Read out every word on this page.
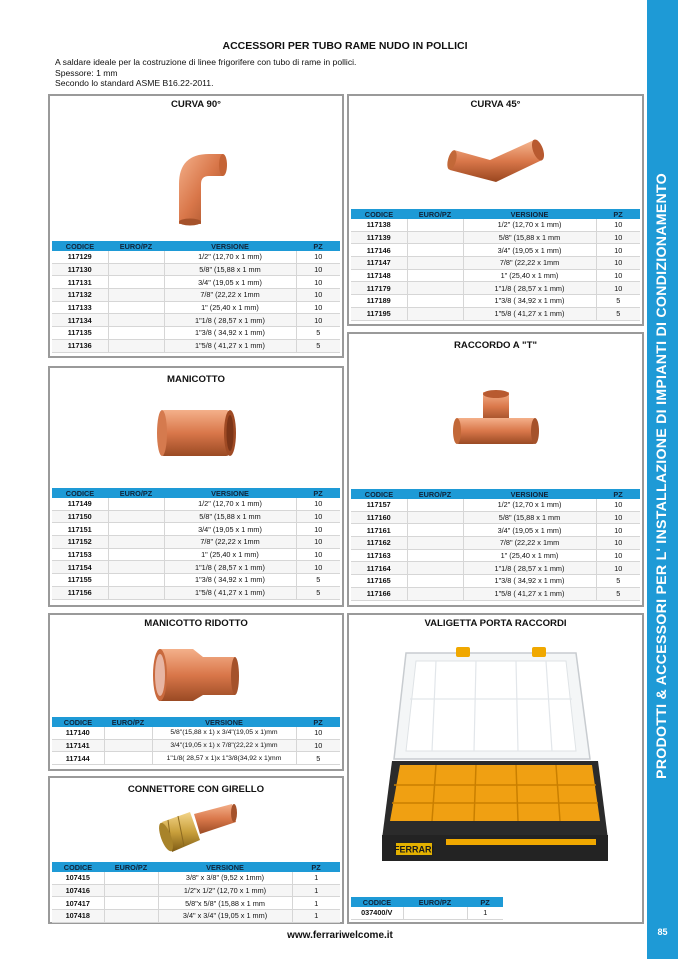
PRODOTTI & ACCESSORI PER L' INSTALLAZIONE DI IMPIANTI DI CONDIZIONAMENTO
85
ACCESSORI PER TUBO RAME NUDO IN POLLICI
A saldare ideale per la costruzione di linee frigorifere con tubo di rame in pollici.
Spessore: 1 mm
Secondo lo standard ASME B16.22-2011.
CURVA 90°
CODICE	EURO/PZ	VERSIONE	PZ
117129		1/2" (12,70 x 1 mm)	10
117130		5/8" (15,88 x 1 mm	10
117131		3/4" (19,05 x 1 mm)	10
117132		7/8" (22,22 x 1mm	10
117133		1" (25,40 x 1 mm)	10
117134		1"1/8 ( 28,57 x 1 mm)	10
117135		1"3/8 ( 34,92 x 1 mm)	5
117136		1"5/8 ( 41,27 x 1 mm)	5
CURVA 45°
CODICE	EURO/PZ	VERSIONE	PZ
117138		1/2" (12,70 x 1 mm)	10
117139		5/8" (15,88 x 1 mm	10
117146		3/4" (19,05 x 1 mm)	10
117147		7/8" (22,22 x 1mm	10
117148		1" (25,40 x 1 mm)	10
117179		1"1/8 ( 28,57 x 1 mm)	10
117189		1"3/8 ( 34,92 x 1 mm)	5
117195		1"5/8 ( 41,27 x 1 mm)	5
RACCORDO A "T"
CODICE	EURO/PZ	VERSIONE	PZ
117157		1/2" (12,70 x 1 mm)	10
117160		5/8" (15,88 x 1 mm	10
117161		3/4" (19,05 x 1 mm)	10
117162		7/8" (22,22 x 1mm	10
117163		1" (25,40 x 1 mm)	10
117164		1"1/8 ( 28,57 x 1 mm)	10
117165		1"3/8 ( 34,92 x 1 mm)	5
117166		1"5/8 ( 41,27 x 1 mm)	5
MANICOTTO
CODICE	EURO/PZ	VERSIONE	PZ
117149		1/2" (12,70 x 1 mm)	10
117150		5/8" (15,88 x 1 mm	10
117151		3/4" (19,05 x 1 mm)	10
117152		7/8" (22,22 x 1mm	10
117153		1" (25,40 x 1 mm)	10
117154		1"1/8 ( 28,57 x 1 mm)	10
117155		1"3/8 ( 34,92 x 1 mm)	5
117156		1"5/8 ( 41,27 x 1 mm)	5
MANICOTTO RIDOTTO
CODICE	EURO/PZ	VERSIONE	PZ
117140		5/8"(15,88 x 1) x 3/4"(19,05 x 1)mm	10
117141		3/4"(19,05 x 1) x 7/8"(22,22 x 1)mm	10
117144		1"1/8( 28,57 x 1)x 1"3/8(34,92 x 1)mm	5
CONNETTORE CON GIRELLO
CODICE	EURO/PZ	VERSIONE	PZ
107415		3/8" x 3/8" (9,52 x 1mm)	1
107416		1/2"x 1/2" (12,70 x 1 mm)	1
107417		5/8"x 5/8" (15,88 x 1 mm	1
107418		3/4" x 3/4" (19,05 x 1 mm)	1
VALIGETTA PORTA RACCORDI
FERRARI
CODICE	EURO/PZ	PZ
037400/V		1
www.ferrariwelcome.it
